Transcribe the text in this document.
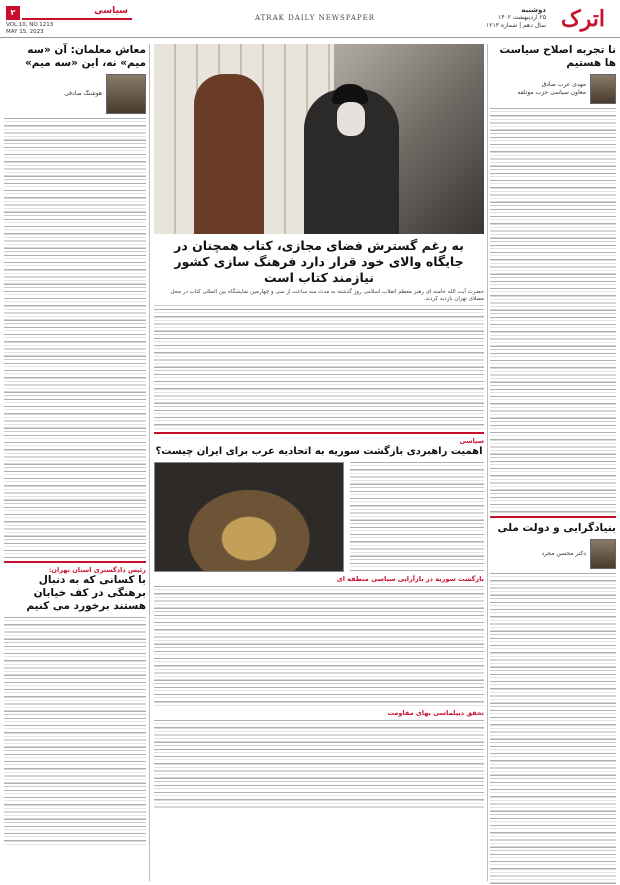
اترک
دوشنبه
۲۵ اردیبهشت ۱۴۰۲
سال دهم | شماره ۱۲۱۳
ATRAK DAILY NEWSPAPER
۲	سیاسی
VOL.10, NO.1213
MAY 15, 2023
نا تجربه اصلاح سیاست ها هستیم
مهدی عرب صادق
معاون سیاسی حزب موتلفه
بنیادگرایی و دولت ملی
دکتر محسن مجرد
به رغم گسترش فضای مجازی، کتاب همچنان در جایگاه والای خود قرار دارد فرهنگ سازی کشور نیازمند کتاب است
حضرت آیت الله خامنه ای رهبر معظم انقلاب اسلامی روز گذشته به مدت سه ساعت از سی و چهارمین نمایشگاه بین المللی کتاب در محل مصلای تهران بازدید کردند.
سیاسی
اهمیت راهبردی بازگشت سوریه به اتحادیه عرب برای ایران چیست؟
بازگشت سوریه در بازآرایی سیاسی منطقه ای
تحقق دیپلماسی بهای مقاومت
معاش معلمان: آن «سه میم» نه، این «سه میم»
هوشنگ صادقی
رئیس دادگستری استان تهران:
با کسانی که به دنبال برهنگی در کف خیابان هستند برخورد می کنیم
